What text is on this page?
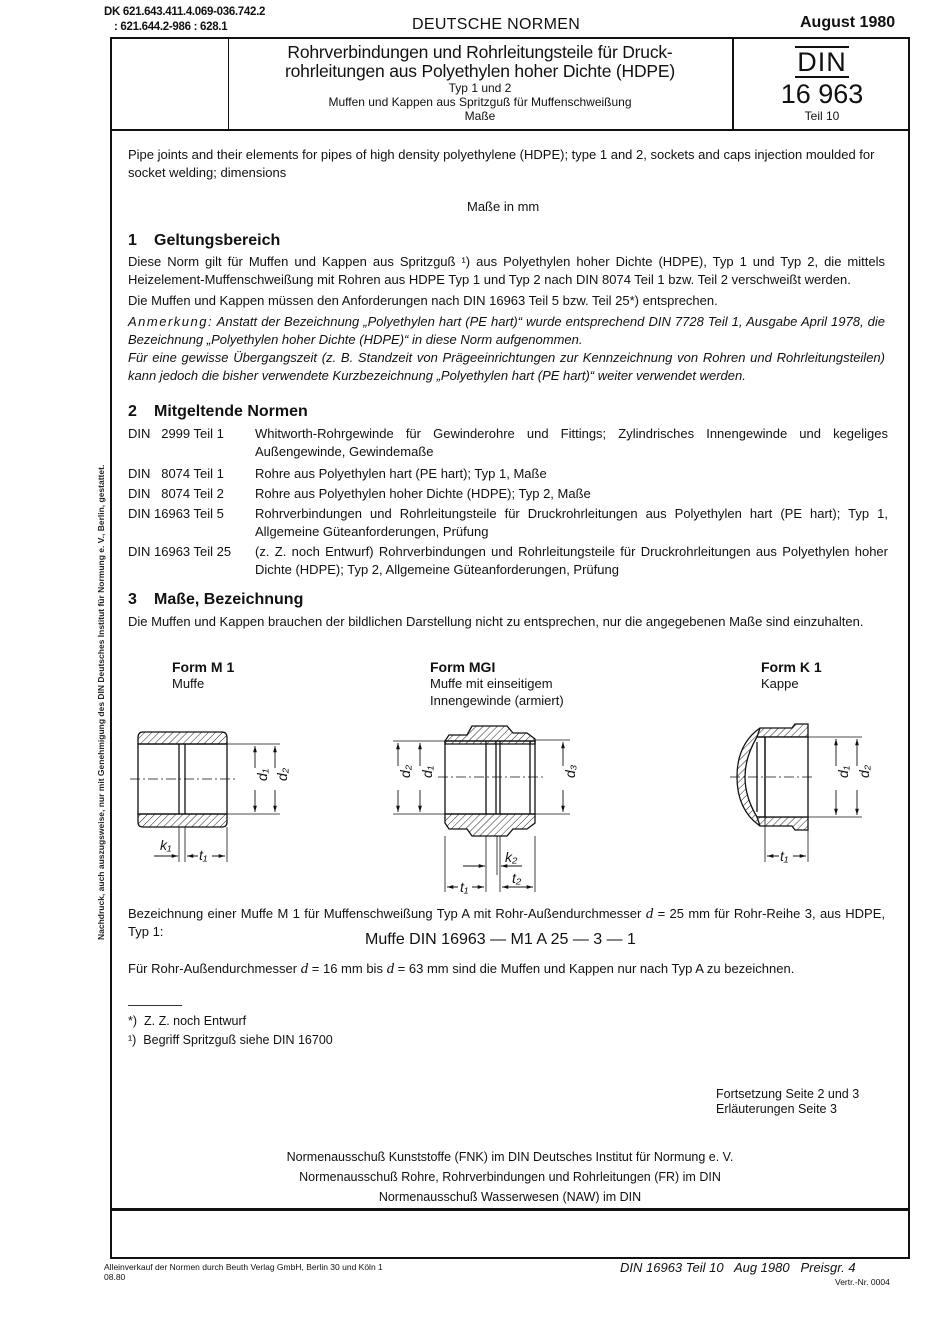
DK 621.643.411.4.069-036.742.2
: 621.644.2-986 : 628.1	DEUTSCHE NORMEN	August 1980
Rohrverbindungen und Rohrleitungsteile für Druck-
rohrleitungen aus Polyethylen hoher Dichte (HDPE)
Typ 1 und 2
Muffen und Kappen aus Spritzguß für Muffenschweißung
Maße
DIN
16 963
Teil 10
Pipe joints and their elements for pipes of high density polyethylene (HDPE); type 1 and 2, sockets and caps injection moulded for socket welding; dimensions
Maße in mm
1 Geltungsbereich
Diese Norm gilt für Muffen und Kappen aus Spritzguß ¹) aus Polyethylen hoher Dichte (HDPE), Typ 1 und Typ 2, die mittels Heizelement-Muffenschweißung mit Rohren aus HDPE Typ 1 und Typ 2 nach DIN 8074 Teil 1 bzw. Teil 2 verschweißt werden.
Die Muffen und Kappen müssen den Anforderungen nach DIN 16963 Teil 5 bzw. Teil 25*) entsprechen.
Anmerkung: Anstatt der Bezeichnung „Polyethylen hart (PE hart)“ wurde entsprechend DIN 7728 Teil 1, Ausgabe April 1978, die Bezeichnung „Polyethylen hoher Dichte (HDPE)“ in diese Norm aufgenommen.
Für eine gewisse Übergangszeit (z. B. Standzeit von Prägeeinrichtungen zur Kennzeichnung von Rohren und Rohrleitungsteilen) kann jedoch die bisher verwendete Kurzbezeichnung „Polyethylen hart (PE hart)“ weiter verwendet werden.
2 Mitgeltende Normen
DIN   2999 Teil 1 Whitworth-Rohrgewinde für Gewinderohre und Fittings; Zylindrisches Innengewinde und kegeliges Außengewinde, Gewindemaße
DIN   8074 Teil 1 Rohre aus Polyethylen hart (PE hart); Typ 1, Maße
DIN   8074 Teil 2 Rohre aus Polyethylen hoher Dichte (HDPE); Typ 2, Maße
DIN 16963 Teil 5 Rohrverbindungen und Rohrleitungsteile für Druckrohrleitungen aus Polyethylen hart (PE hart); Typ 1, Allgemeine Güteanforderungen, Prüfung
DIN 16963 Teil 25 (z. Z. noch Entwurf) Rohrverbindungen und Rohrleitungsteile für Druckrohrleitungen aus Polyethylen hoher Dichte (HDPE); Typ 2, Allgemeine Güteanforderungen, Prüfung
3 Maße, Bezeichnung
Die Muffen und Kappen brauchen der bildlichen Darstellung nicht zu entsprechen, nur die angegebenen Maße sind einzuhalten.
Form M 1
Muffe
Form MGI
Muffe mit einseitigem
Innengewinde (armiert)
Form K 1
Kappe
d₁ d₂
k₁
t₁
d₂ d₁	d₃
k₂
t₁
t₂
d₁ d₂
t₁
Bezeichnung einer Muffe M 1 für Muffenschweißung Typ A mit Rohr-Außendurchmesser d = 25 mm für Rohr-Reihe 3, aus HDPE, Typ 1:	Muffe DIN 16963 — M1 A 25 — 3 — 1
Für Rohr-Außendurchmesser d = 16 mm bis d = 63 mm sind die Muffen und Kappen nur nach Typ A zu bezeichnen.
*) Z. Z. noch Entwurf
¹) Begriff Spritzguß siehe DIN 16700
Fortsetzung Seite 2 und 3
Erläuterungen Seite 3
Normenausschuß Kunststoffe (FNK) im DIN Deutsches Institut für Normung e. V.
Normenausschuß Rohre, Rohrverbindungen und Rohrleitungen (FR) im DIN
Normenausschuß Wasserwesen (NAW) im DIN
Alleinverkauf der Normen durch Beuth Verlag GmbH, Berlin 30 und Köln 1
08.80
DIN 16963 Teil 10   Aug 1980   Preisgr. 4
Vertr.-Nr. 0004
Nachdruck, auch auszugsweise, nur mit Genehmigung des DIN Deutsches Institut für Normung e. V., Berlin, gestattet.
